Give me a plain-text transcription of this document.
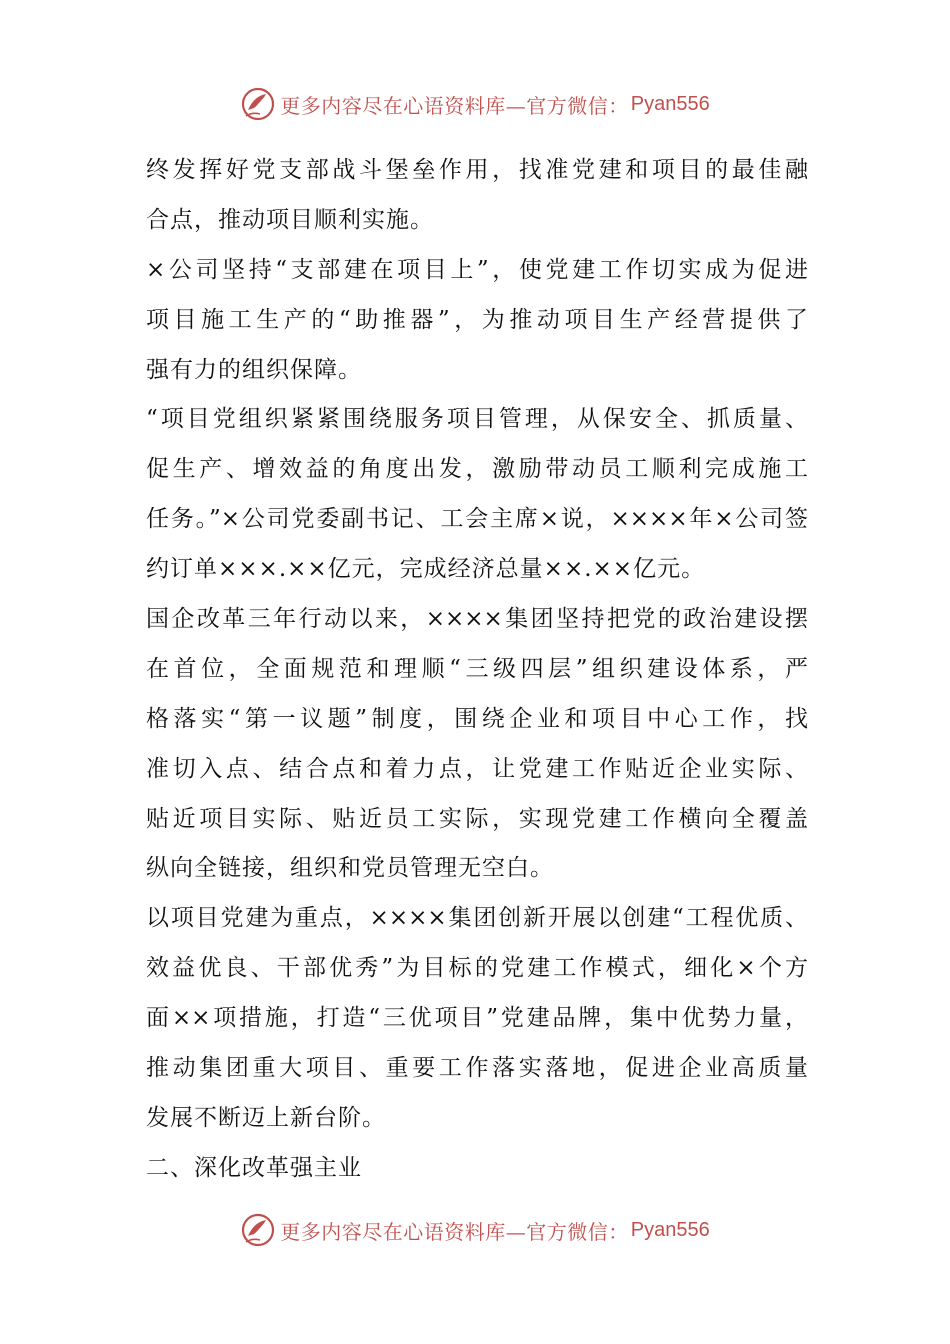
更多内容尽在心语资料库—官方微信： Pyan556
终发挥好党支部战斗堡垒作用，找准党建和项目的最佳融
合点，推动项目顺利实施。
×公司坚持“支部建在项目上”，使党建工作切实成为促进
项目施工生产的“助推器”，为推动项目生产经营提供了
强有力的组织保障。
“项目党组织紧紧围绕服务项目管理，从保安全、抓质量、
促生产、增效益的角度出发，激励带动员工顺利完成施工
任务。”×公司党委副书记、工会主席×说，××××年×公司签
约订单×××.××亿元，完成经济总量××.××亿元。
国企改革三年行动以来，××××集团坚持把党的政治建设摆
在首位，全面规范和理顺“三级四层”组织建设体系，严
格落实“第一议题”制度，围绕企业和项目中心工作，找
准切入点、结合点和着力点，让党建工作贴近企业实际、
贴近项目实际、贴近员工实际，实现党建工作横向全覆盖
纵向全链接，组织和党员管理无空白。
以项目党建为重点，××××集团创新开展以创建“工程优质、
效益优良、干部优秀”为目标的党建工作模式，细化×个方
面××项措施，打造“三优项目”党建品牌，集中优势力量，
推动集团重大项目、重要工作落实落地，促进企业高质量
发展不断迈上新台阶。
二、深化改革强主业
更多内容尽在心语资料库—官方微信： Pyan556
